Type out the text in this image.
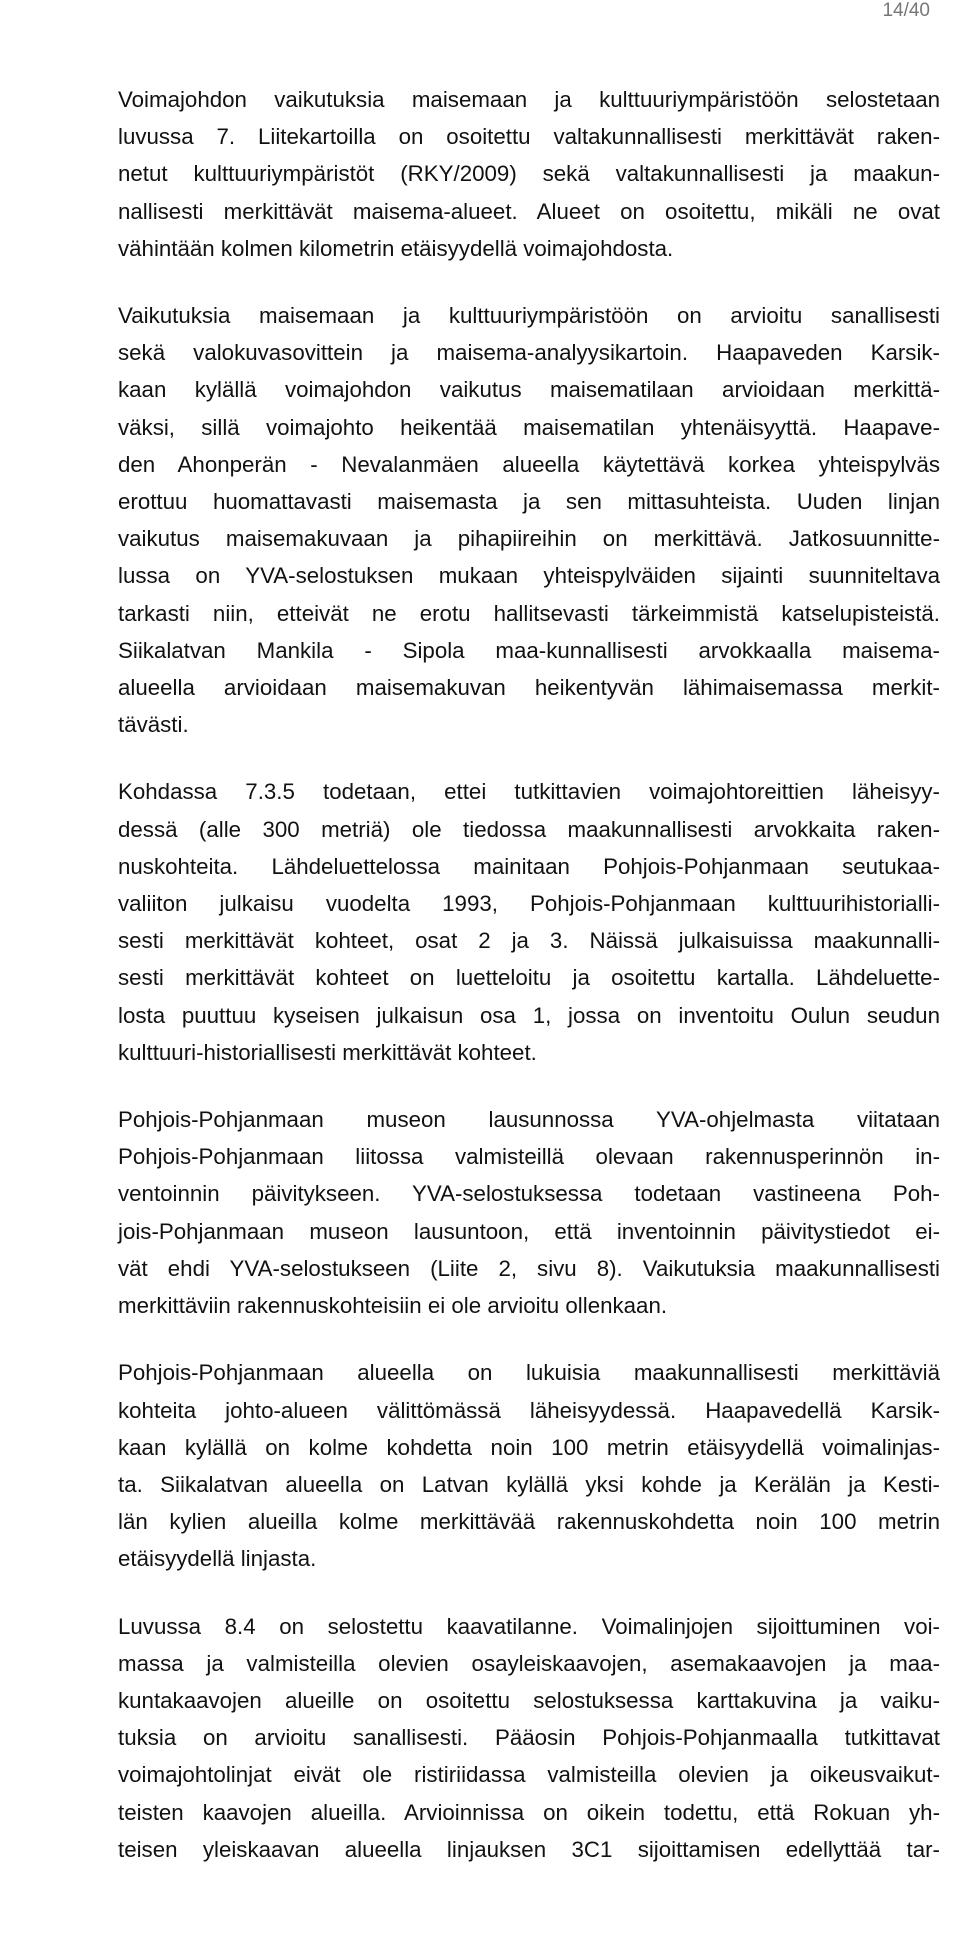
14/40
Voimajohdon vaikutuksia maisemaan ja kulttuuriympäristöön selostetaan
luvussa 7. Liitekartoilla on osoitettu valtakunnallisesti merkittävät raken-
netut kulttuuriympäristöt (RKY/2009) sekä valtakunnallisesti ja maakun-
nallisesti merkittävät maisema-alueet. Alueet on osoitettu, mikäli ne ovat
vähintään kolmen kilometrin etäisyydellä voimajohdosta.
Vaikutuksia maisemaan ja kulttuuriympäristöön on arvioitu sanallisesti
sekä valokuvasovittein ja maisema-analyysikartoin. Haapaveden Karsik-
kaan kylällä voimajohdon vaikutus maisematilaan arvioidaan merkittä-
väksi, sillä voimajohto heikentää maisematilan yhtenäisyyttä. Haapave-
den Ahonperän - Nevalanmäen alueella käytettävä korkea yhteispylväs
erottuu huomattavasti maisemasta ja sen mittasuhteista. Uuden linjan
vaikutus maisemakuvaan ja pihapiireihin on merkittävä. Jatkosuunnitte-
lussa on YVA-selostuksen mukaan yhteispylväiden sijainti suunniteltava
tarkasti niin, etteivät ne erotu hallitsevasti tärkeimmistä katselupisteistä.
Siikalatvan Mankila - Sipola maa-kunnallisesti arvokkaalla maisema-
alueella arvioidaan maisemakuvan heikentyvän lähimaisemassa merkit-
tävästi.
Kohdassa 7.3.5 todetaan, ettei tutkittavien voimajohtoreittien läheisyy-
dessä (alle 300 metriä) ole tiedossa maakunnallisesti arvokkaita raken-
nuskohteita. Lähdeluettelossa mainitaan Pohjois-Pohjanmaan seutukaa-
valiiton julkaisu vuodelta 1993, Pohjois-Pohjanmaan kulttuurihistorialli-
sesti merkittävät kohteet, osat 2 ja 3. Näissä julkaisuissa maakunnalli-
sesti merkittävät kohteet on luetteloitu ja osoitettu kartalla. Lähdeluette-
losta puuttuu kyseisen julkaisun osa 1, jossa on inventoitu Oulun seudun
kulttuuri-historiallisesti merkittävät kohteet.
Pohjois-Pohjanmaan museon lausunnossa YVA-ohjelmasta viitataan
Pohjois-Pohjanmaan liitossa valmisteillä olevaan rakennusperinnön in-
ventoinnin päivitykseen. YVA-selostuksessa todetaan vastineena Poh-
jois-Pohjanmaan museon lausuntoon, että inventoinnin päivitystiedot ei-
vät ehdi YVA-selostukseen (Liite 2, sivu 8). Vaikutuksia maakunnallisesti
merkittäviin rakennuskohteisiin ei ole arvioitu ollenkaan.
Pohjois-Pohjanmaan alueella on lukuisia maakunnallisesti merkittäviä
kohteita johto-alueen välittömässä läheisyydessä. Haapavedellä Karsik-
kaan kylällä on kolme kohdetta noin 100 metrin etäisyydellä voimalinjas-
ta. Siikalatvan alueella on Latvan kylällä yksi kohde ja Kerälän ja Kesti-
län kylien alueilla kolme merkittävää rakennuskohdetta noin 100 metrin
etäisyydellä linjasta.
Luvussa 8.4 on selostettu kaavatilanne. Voimalinjojen sijoittuminen voi-
massa ja valmisteilla olevien osayleiskaavojen, asemakaavojen ja maa-
kuntakaavojen alueille on osoitettu selostuksessa karttakuvina ja vaiku-
tuksia on arvioitu sanallisesti. Pääosin Pohjois-Pohjanmaalla tutkittavat
voimajohtolinjat eivät ole ristiriidassa valmisteilla olevien ja oikeusvaikut-
teisten kaavojen alueilla. Arvioinnissa on oikein todettu, että Rokuan yh-
teisen yleiskaavan alueella linjauksen 3C1 sijoittamisen edellyttää tar-
